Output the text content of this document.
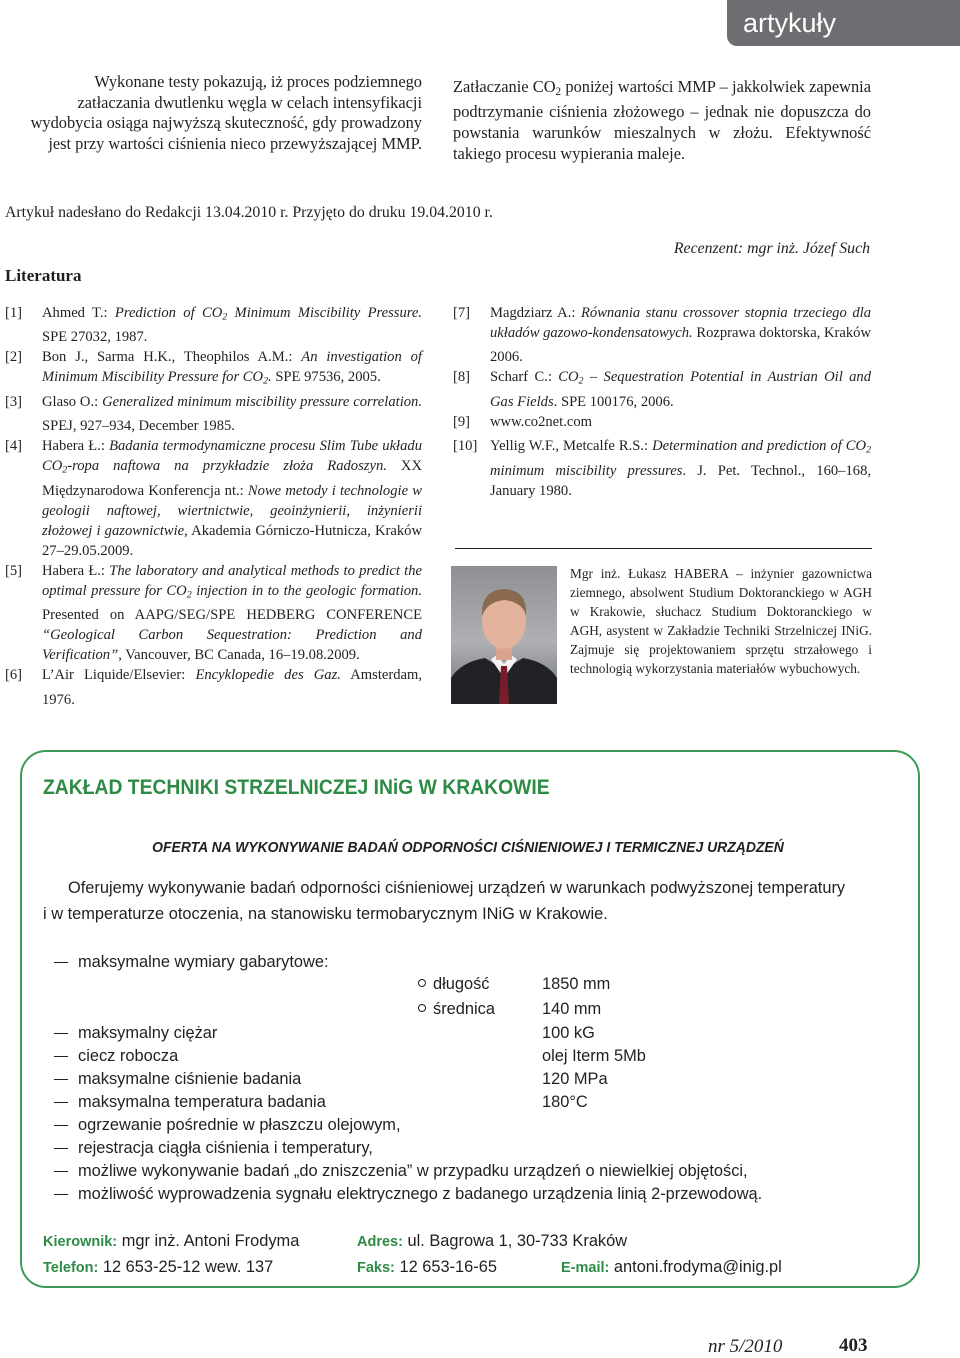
artykuły
Wykonane testy pokazują, iż proces podziemnego zatłaczania dwutlenku węgla w celach intensyfikacji wydobycia osiąga najwyższą skuteczność, gdy prowadzony jest przy wartości ciśnienia nieco przewyższającej MMP.
Zatłaczanie $CO_2$ poniżej wartości MMP – jakkolwiek zapewnia podtrzymanie ciśnienia złożowego – jednak nie dopuszcza do powstania warunków mieszalnych w złożu. Efektywność takiego procesu wypierania maleje.
Artykuł nadesłano do Redakcji 13.04.2010 r. Przyjęto do druku 19.04.2010 r.
Recenzent: mgr inż. Józef Such
Literatura
[1] Ahmed T.: Prediction of $CO_2$ Minimum Miscibility Pressure. SPE 27032, 1987.
[2] Bon J., Sarma H.K., Theophilos A.M.: An investigation of Minimum Miscibility Pressure for $CO_2$. SPE 97536, 2005.
[3] Glaso O.: Generalized minimum miscibility pressure correlation. SPEJ, 927–934, December 1985.
[4] Habera Ł.: Badania termodynamiczne procesu Slim Tube układu $CO_2$-ropa naftowa na przykładzie złoża Radoszyn. XX Międzynarodowa Konferencja nt.: Nowe metody i technologie w geologii naftowej, wiertnictwie, geoinżynierii, inżynierii złożowej i gazownictwie, Akademia Górniczo-Hutnicza, Kraków 27–29.05.2009.
[5] Habera Ł.: The laboratory and analytical methods to predict the optimal pressure for $CO_2$ injection in to the geologic formation. Presented on AAPG/SEG/SPE HEDBERG CONFERENCE “Geological Carbon Sequestration: Prediction and Verification”, Vancouver, BC Canada, 16–19.08.2009.
[6] L’Air Liquide/Elsevier: Encyklopedie des Gaz. Amsterdam, 1976.
[7] Magdziarz A.: Równania stanu crossover stopnia trzeciego dla układów gazowo-kondensatowych. Rozprawa doktorska, Kraków 2006.
[8] Scharf C.: $CO_2$ – Sequestration Potential in Austrian Oil and Gas Fields. SPE 100176, 2006.
[9] www.co2net.com
[10] Yellig W.F., Metcalfe R.S.: Determination and prediction of $CO_2$ minimum miscibility pressures. J. Pet. Technol., 160–168, January 1980.
Mgr inż. Łukasz HABERA – inżynier gazownictwa ziemnego, absolwent Studium Doktoranckiego w AGH w Krakowie, słuchacz Studium Doktoranckiego w AGH, asystent w Zakładzie Techniki Strzelniczej INiG. Zajmuje się projektowaniem sprzętu strzałowego i technologią wykorzystania materiałów wybuchowych.
ZAKŁAD TECHNIKI STRZELNICZEJ INiG W KRAKOWIE
OFERTA NA WYKONYWANIE BADAŃ ODPORNOŚCI CIŚNIENIOWEJ I TERMICZNEJ URZĄDZEŃ
Oferujemy wykonywanie badań odporności ciśnieniowej urządzeń w warunkach podwyższonej temperatury i w temperaturze otoczenia, na stanowisku termobarycznym INiG w Krakowie.
maksymalne wymiary gabarytowe:
długość	1850 mm
średnica	140 mm
maksymalny ciężar	100 kG
ciecz robocza	olej Iterm 5Mb
maksymalne ciśnienie badania	120 MPa
maksymalna temperatura badania	180°C
ogrzewanie pośrednie w płaszczu olejowym,
rejestracja ciągła ciśnienia i temperatury,
możliwe wykonywanie badań „do zniszczenia” w przypadku urządzeń o niewielkiej objętości,
możliwość wyprowadzenia sygnału elektrycznego z badanego urządzenia linią 2-przewodową.
Kierownik: mgr inż. Antoni Frodyma	Adres: ul. Bagrowa 1, 30-733 Kraków
Telefon: 12 653-25-12 wew. 137	Faks: 12 653-16-65	E-mail: antoni.frodyma@inig.pl
nr 5/2010	403
